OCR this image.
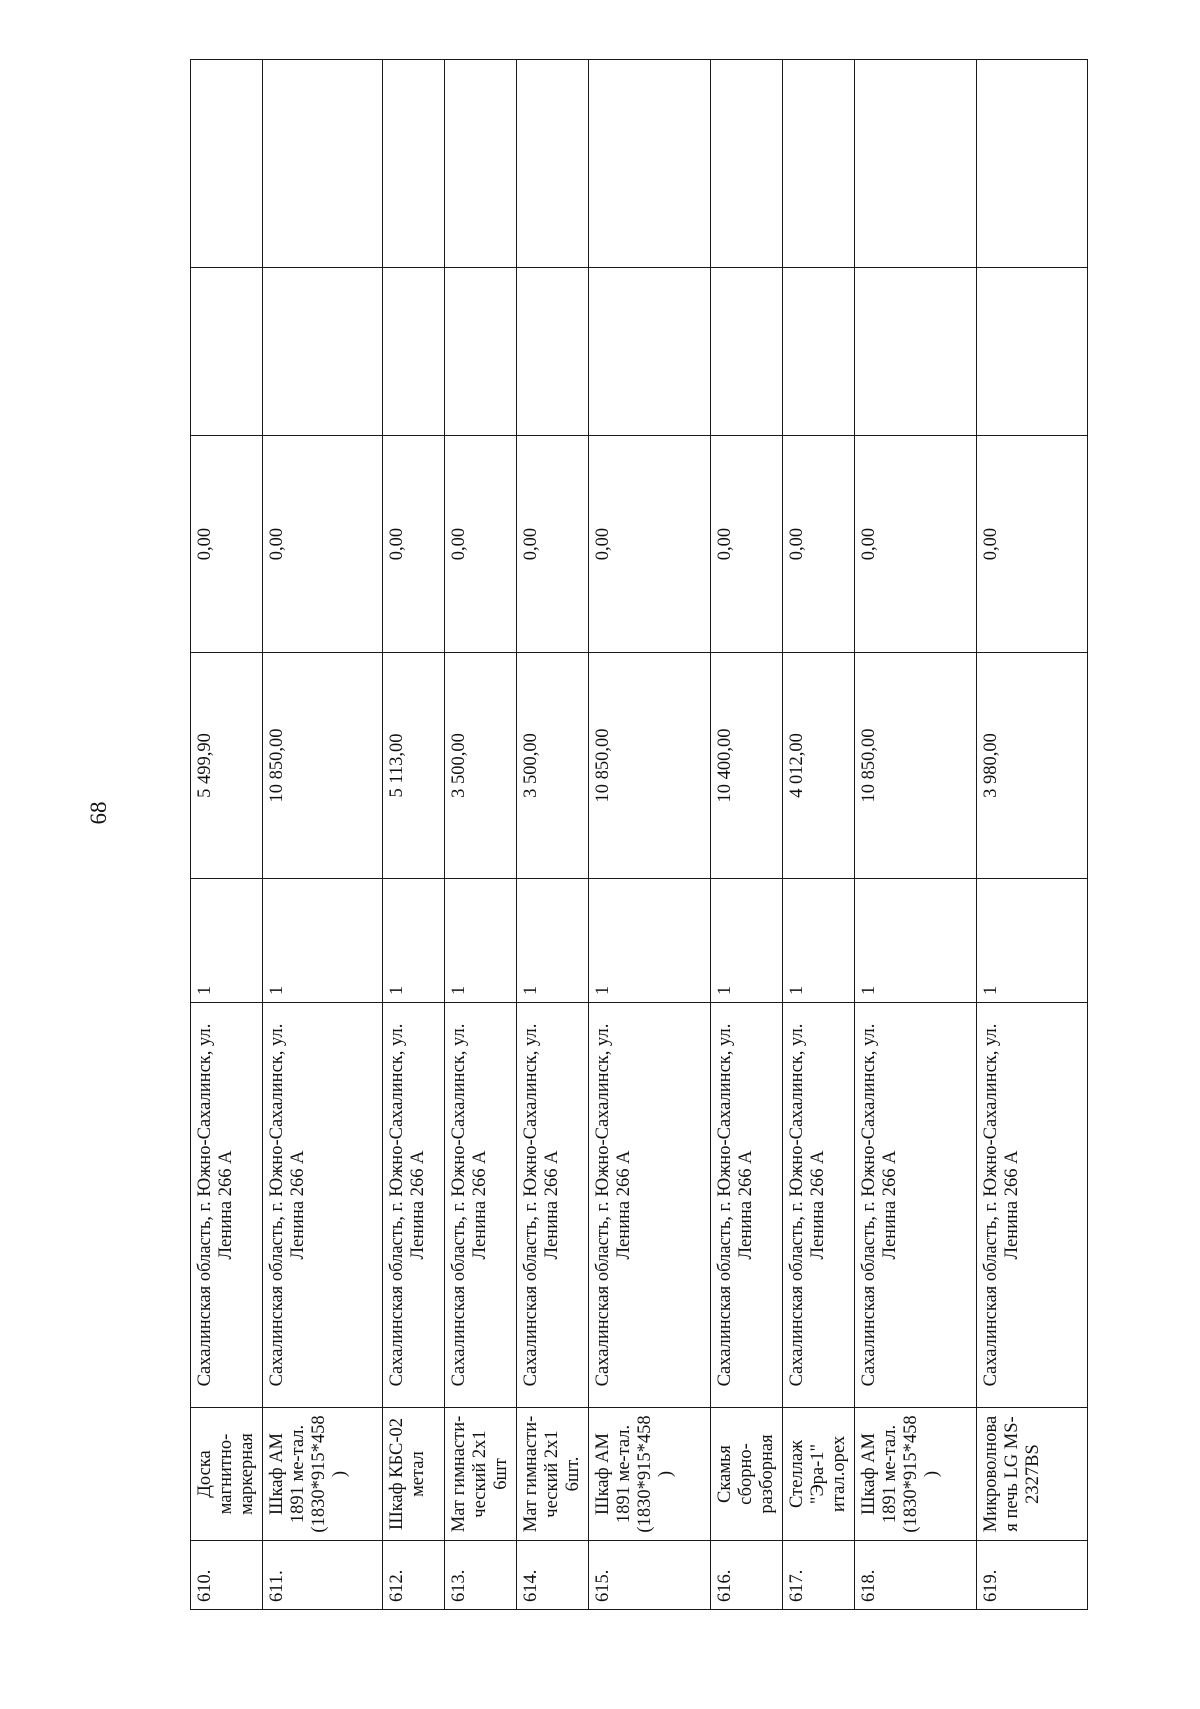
68
610.	Доска магнитно-маркерная	Сахалинская область, г. Южно-Сахалинск, ул. Ленина 266 А	1	5 499,90	0,00		
611.	Шкаф АМ 1891 ме-тал.(1830*915*458)	Сахалинская область, г. Южно-Сахалинск, ул. Ленина 266 А	1	10 850,00	0,00		
612.	Шкаф КБС-02 метал	Сахалинская область, г. Южно-Сахалинск, ул. Ленина 266 А	1	5 113,00	0,00		
613.	Мат гимнасти-ческий 2х1 6шт	Сахалинская область, г. Южно-Сахалинск, ул. Ленина 266 А	1	3 500,00	0,00		
614.	Мат гимнасти-ческий 2х1 6шт.	Сахалинская область, г. Южно-Сахалинск, ул. Ленина 266 А	1	3 500,00	0,00		
615.	Шкаф АМ 1891 ме-тал.(1830*915*458)	Сахалинская область, г. Южно-Сахалинск, ул. Ленина 266 А	1	10 850,00	0,00		
616.	Скамья сборно-разборная	Сахалинская область, г. Южно-Сахалинск, ул. Ленина 266 А	1	10 400,00	0,00		
617.	Стеллаж "Эра-1" итал.орех	Сахалинская область, г. Южно-Сахалинск, ул. Ленина 266 А	1	4 012,00	0,00		
618.	Шкаф АМ 1891 ме-тал.(1830*915*458)	Сахалинская область, г. Южно-Сахалинск, ул. Ленина 266 А	1	10 850,00	0,00		
619.	Микроволновая печь LG MS-2327BS	Сахалинская область, г. Южно-Сахалинск, ул. Ленина 266 А	1	3 980,00	0,00		
